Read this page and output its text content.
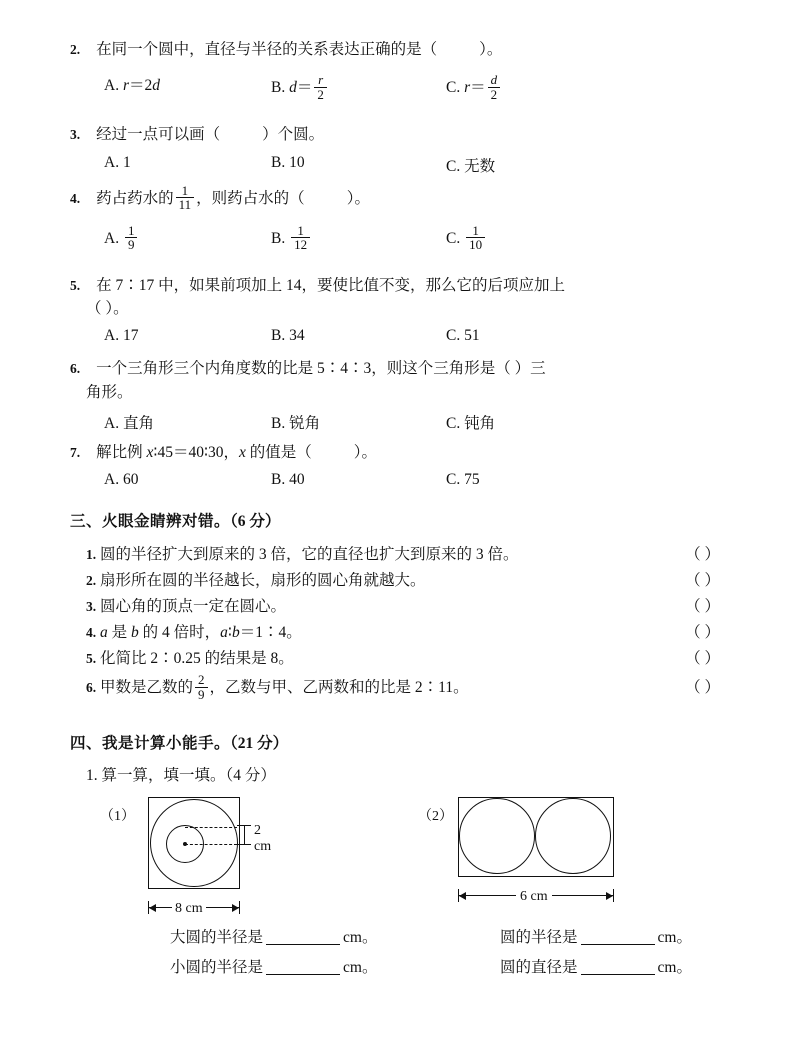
2. 在同一个圆中，直径与半径的关系表达正确的是（	）。
A. r＝2d	B. $d= \frac{r}{2}$	C. $r= \frac{d}{2}$
3. 经过一点可以画（	）个圆。
A. 1	B. 10	C. 无数
4. 药占药水的 $\frac{1}{11}$ ，则药占水的（	）。
A. $\frac{1}{9}$	B. $\frac{1}{12}$	C. $\frac{1}{10}$
5. 在 7∶17 中，如果前项加上 14，要使比值不变，那么它的后项应加上
（ ）。
A. 17	B. 34	C. 51
6. 一个三角形三个内角度数的比是 5∶4∶3，则这个三角形是（ ）三
角形。
A. 直角	B. 锐角	C. 钝角
7. 解比例 x∶45＝40∶30，x 的值是（	）。
A. 60	B. 40	C. 75
三、火眼金睛辨对错。（6 分）
1. 圆的半径扩大到原来的 3 倍，它的直径也扩大到原来的 3 倍。	（ ）
2. 扇形所在圆的半径越长，扇形的圆心角就越大。	（ ）
3. 圆心角的顶点一定在圆心。	（ ）
4. a 是 b 的 4 倍时，a∶b＝1∶4。	（ ）
5. 化简比 2∶0.25 的结果是 8。	（ ）
6. 甲数是乙数的 $\frac{2}{9}$ ，乙数与甲、乙两数和的比是 2∶11。	（ ）
四、我是计算小能手。（21 分）
1. 算一算，填一填。（4 分）
（1）
2 cm
8 cm
（2）
6 cm
大圆的半径是	cm。	圆的半径是	cm。
小圆的半径是	cm。	圆的直径是	cm。
